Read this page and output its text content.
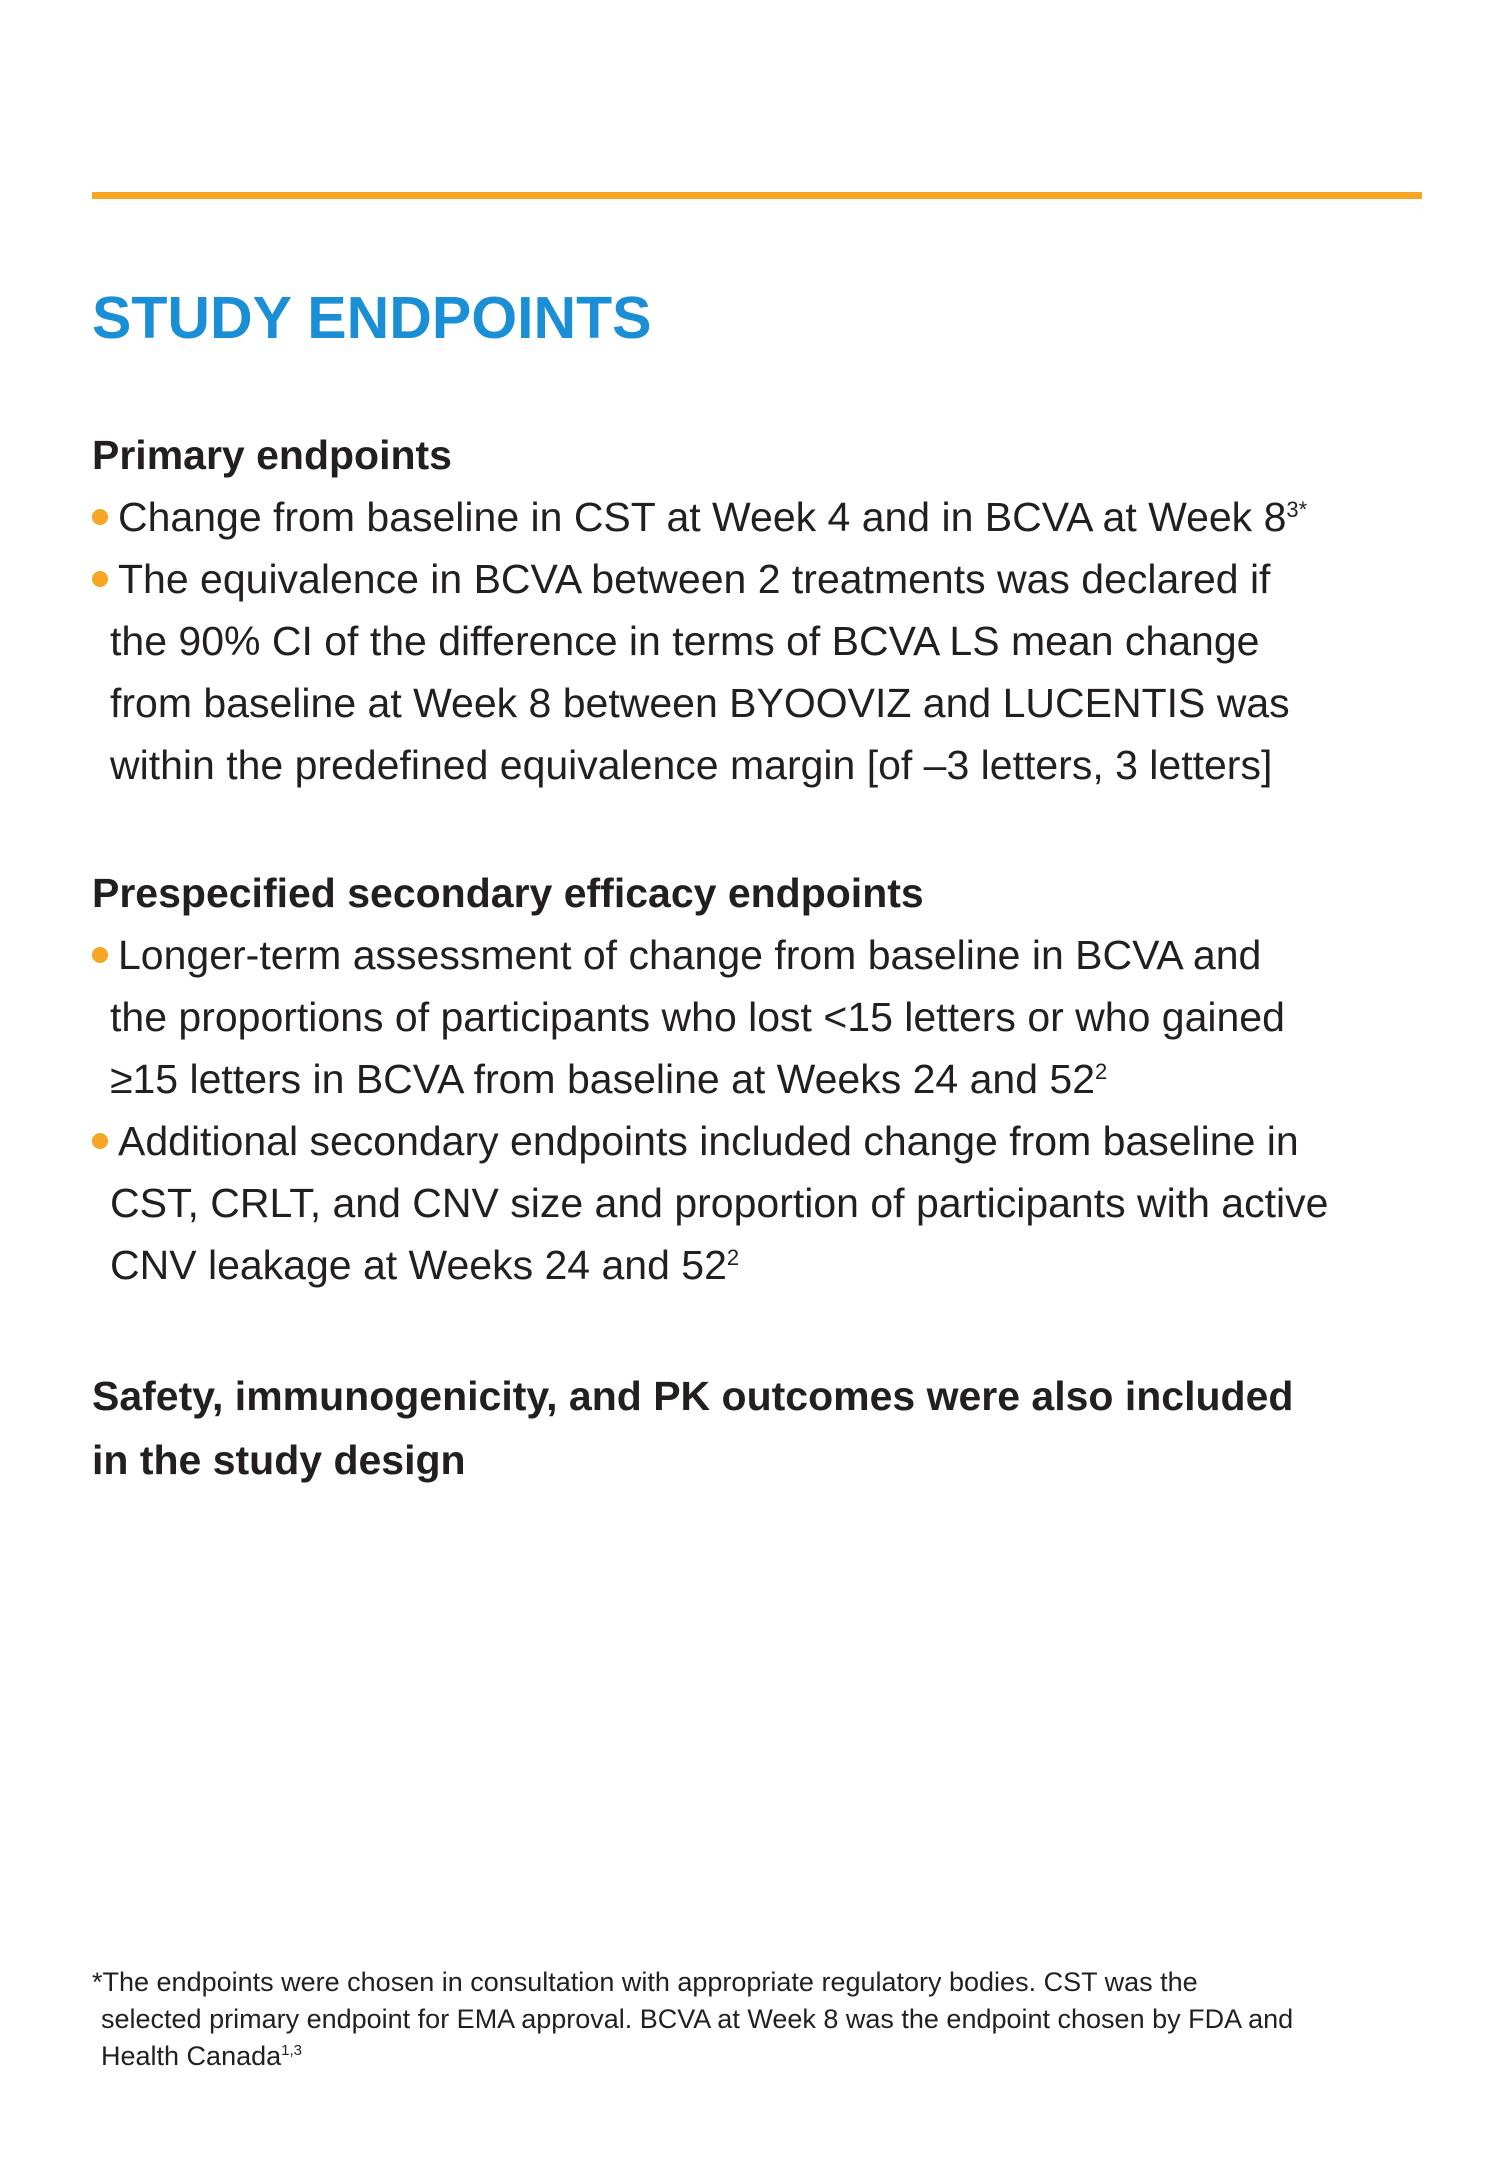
STUDY ENDPOINTS
Primary endpoints
Change from baseline in CST at Week 4 and in BCVA at Week $8^{3*}$
The equivalence in BCVA between 2 treatments was declared if
the 90% CI of the difference in terms of BCVA LS mean change
from baseline at Week 8 between BYOOVIZ and LUCENTIS was
within the predefined equivalence margin [of –3 letters, 3 letters]
Prespecified secondary efficacy endpoints
Longer-term assessment of change from baseline in BCVA and
the proportions of participants who lost <15 letters or who gained
≥15 letters in BCVA from baseline at Weeks 24 and $52^2$
Additional secondary endpoints included change from baseline in
CST, CRLT, and CNV size and proportion of participants with active
CNV leakage at Weeks 24 and $52^2$

Safety, immunogenicity, and PK outcomes were also included
in the study design

*The endpoints were chosen in consultation with appropriate regulatory bodies. CST was the

selected primary endpoint for EMA approval. BCVA at Week 8 was the endpoint chosen by FDA and
Health Canada$^{1,3}$
